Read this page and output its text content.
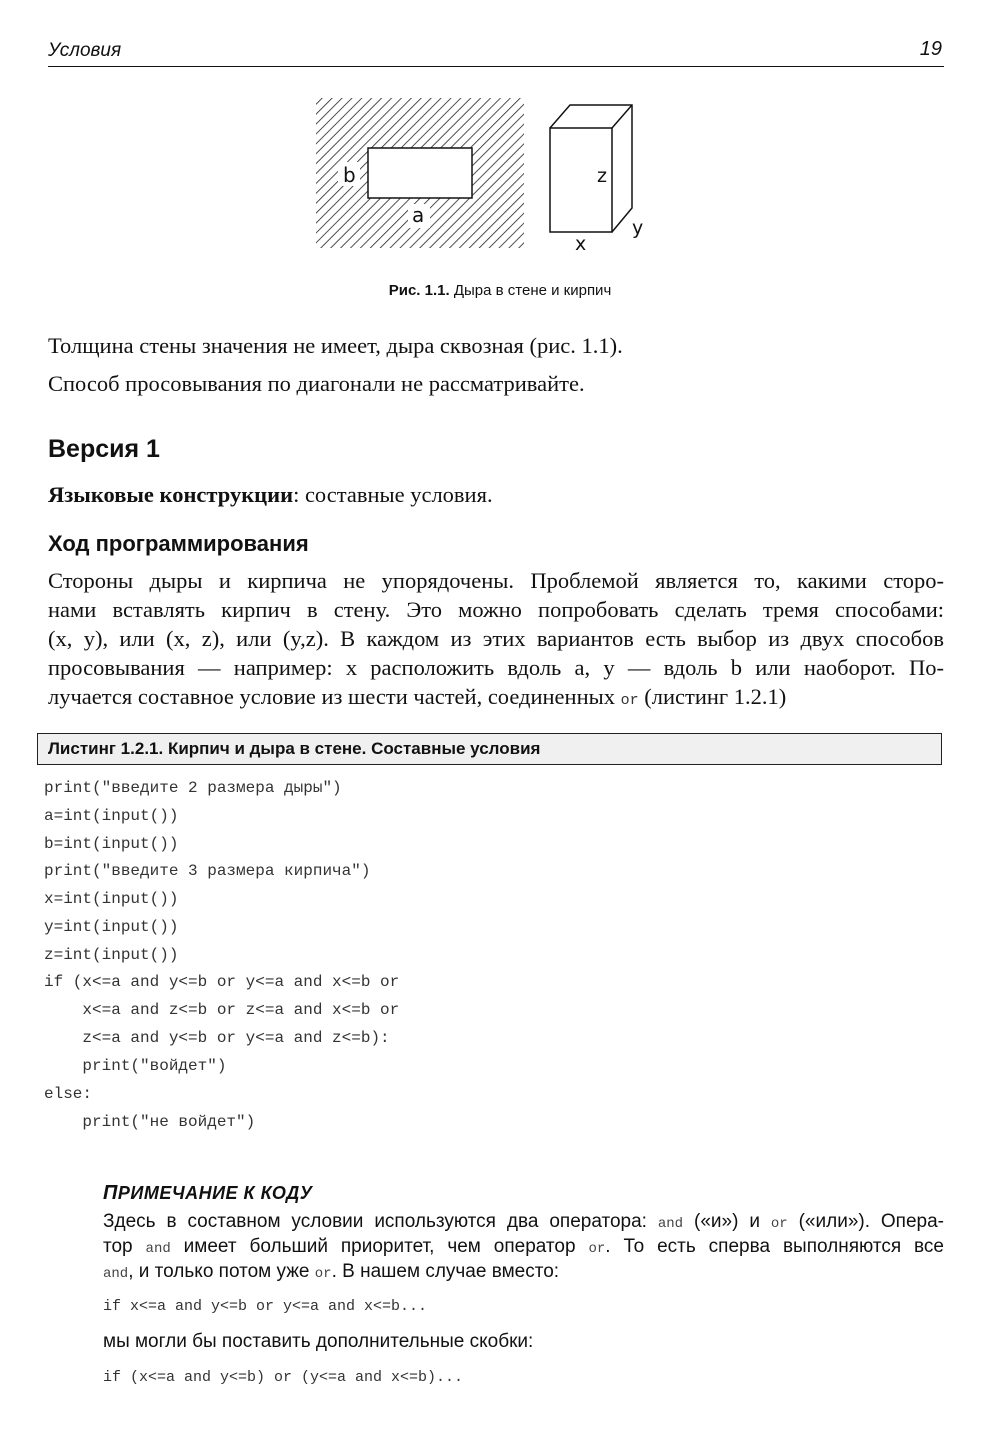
Условия	19
b
a
z
x
y
Рис. 1.1. Дыра в стене и кирпич
Толщина стены значения не имеет, дыра сквозная (рис. 1.1).
Способ просовывания по диагонали не рассматривайте.
Версия 1
Языковые конструкции: составные условия.
Ход программирования
Стороны дыры и кирпича не упорядочены. Проблемой является то, какими сторо-
нами вставлять кирпич в стену. Это можно попробовать сделать тремя способами:
(x, y), или (x, z), или (y,z). В каждом из этих вариантов есть выбор из двух способов
просовывания — например: x расположить вдоль a, y — вдоль b или наоборот. По-
лучается составное условие из шести частей, соединенных or (листинг 1.2.1)
Листинг 1.2.1. Кирпич и дыра в стене. Составные условия
print("введите 2 размера дыры")
a=int(input())
b=int(input())
print("введите 3 размера кирпича")
x=int(input())
y=int(input())
z=int(input())
if (x<=a and y<=b or y<=a and x<=b or
x<=a and z<=b or z<=a and x<=b or
z<=a and y<=b or y<=a and z<=b):
print("войдет")
else:
print("не войдет")
ПРИМЕЧАНИЕ К КОДУ
Здесь в составном условии используются два оператора: and («и») и or («или»). Опера-
тор and имеет больший приоритет, чем оператор or. То есть сперва выполняются все
and, и только потом уже or. В нашем случае вместо:
if x<=a and y<=b or y<=a and x<=b...
мы могли бы поставить дополнительные скобки:
if (x<=a and y<=b) or (y<=a and x<=b)...
